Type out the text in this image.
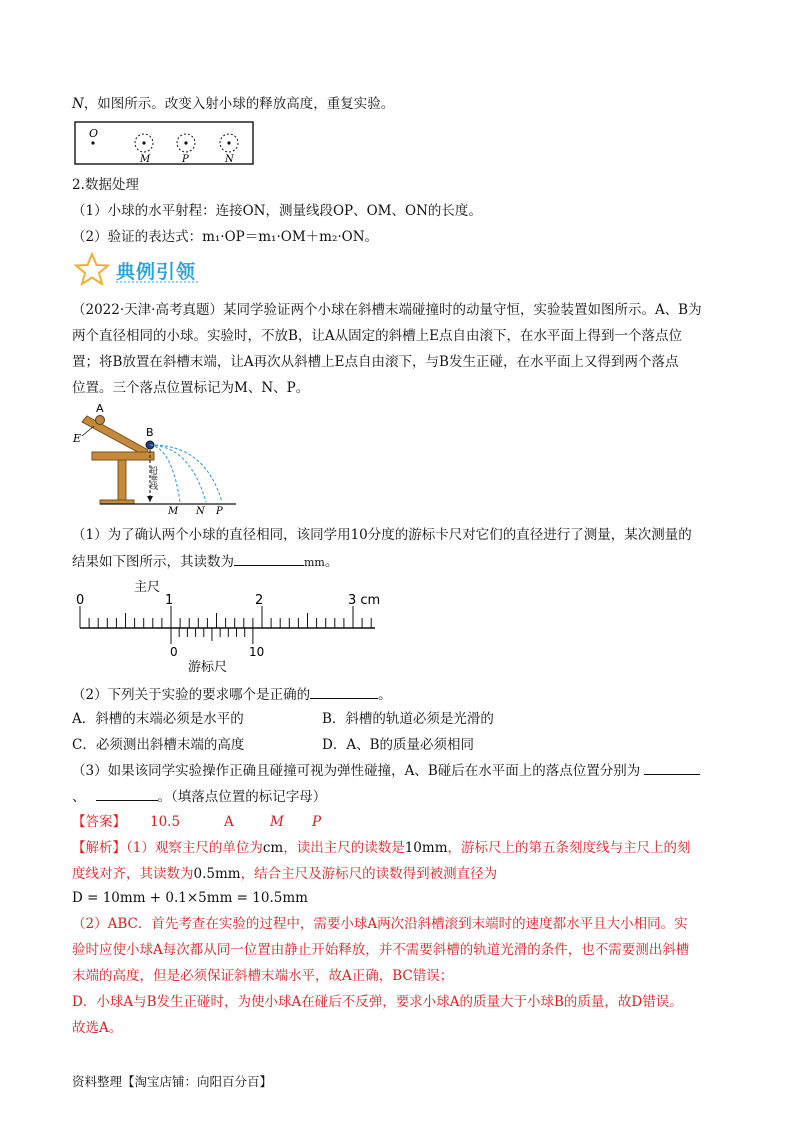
N，如图所示。改变入射小球的释放高度，重复实验。
O
M	P	N
2.数据处理
（1）小球的水平射程：连接ON，测量线段OP、OM、ON的长度。
（2）验证的表达式：m₁·OP＝m₁·OM＋m₂·ON。
典例引领
（2022·天津·高考真题）某同学验证两个小球在斜槽末端碰撞时的动量守恒，实验装置如图所示。A、B为
两个直径相同的小球。实验时，不放B，让A从固定的斜槽上E点自由滚下，在水平面上得到一个落点位
置；将B放置在斜槽末端，让A再次从斜槽上E点自由滚下，与B发生正碰，在水平面上又得到两个落点
位置。三个落点位置标记为M、N、P。
A
E	B
铅垂线
M N P
（1）为了确认两个小球的直径相同，该同学用10分度的游标卡尺对它们的直径进行了测量，某次测量的
结果如下图所示，其读数为	mm。
主尺
0	1	2	3 cm
0	10
游标尺
（2）下列关于实验的要求哪个是正确的	。
A．斜槽的末端必须是水平的	B．斜槽的轨道必须是光滑的
C．必须测出斜槽末端的高度	D．A、B的质量必须相同
（3）如果该同学实验操作正确且碰撞可视为弹性碰撞，A、B碰后在水平面上的落点位置分别为
、	。（填落点位置的标记字母）
【答案】 10.5	A	M P
【解析】（1）观察主尺的单位为cm，读出主尺的读数是10mm，游标尺上的第五条刻度线与主尺上的刻
度线对齐，其读数为0.5mm，结合主尺及游标尺的读数得到被测直径为
D = 10mm + 0.1×5mm = 10.5mm
（2）ABC．首先考查在实验的过程中，需要小球A两次沿斜槽滚到末端时的速度都水平且大小相同。实
验时应使小球A每次都从同一位置由静止开始释放，并不需要斜槽的轨道光滑的条件，也不需要测出斜槽
末端的高度，但是必须保证斜槽末端水平，故A正确，BC错误；
D．小球A与B发生正碰时，为使小球A在碰后不反弹，要求小球A的质量大于小球B的质量，故D错误。
故选A。
资料整理【淘宝店铺：向阳百分百】
